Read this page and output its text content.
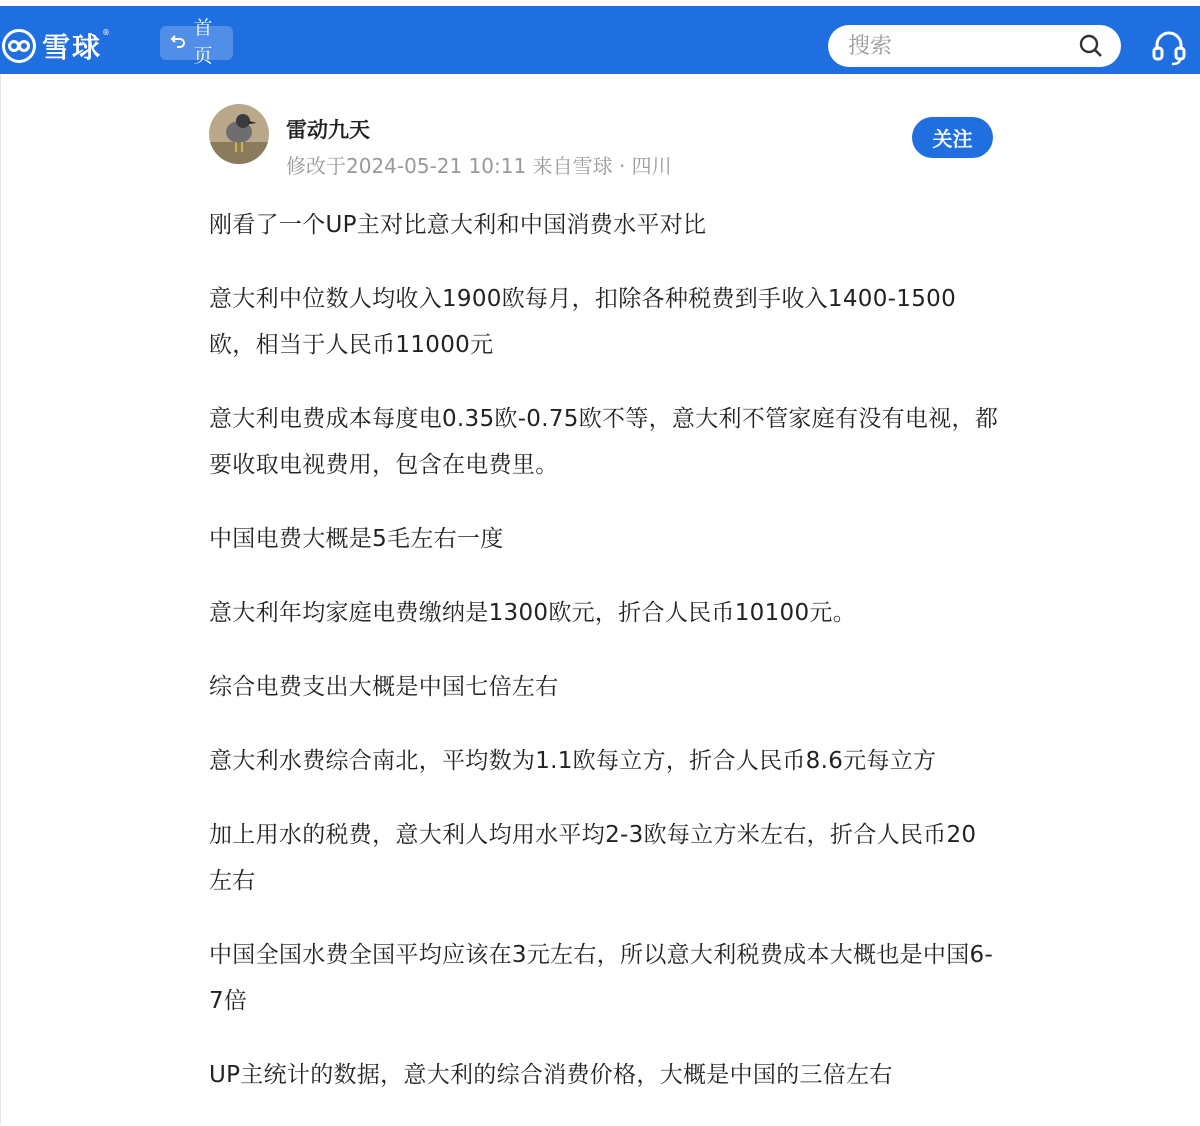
雪球 ®	首页
搜索
雷动九天
修改于2024-05-21 10:11 来自雪球 · 四川
关注

刚看了一个UP主对比意大利和中国消费水平对比

意大利中位数人均收入1900欧每月，扣除各种税费到手收入1400-1500欧，相当于人民币11000元

意大利电费成本每度电0.35欧-0.75欧不等，意大利不管家庭有没有电视，都要收取电视费用，包含在电费里。

中国电费大概是5毛左右一度

意大利年均家庭电费缴纳是1300欧元，折合人民币10100元。

综合电费支出大概是中国七倍左右

意大利水费综合南北，平均数为1.1欧每立方，折合人民币8.6元每立方

加上用水的税费，意大利人均用水平均2-3欧每立方米左右，折合人民币20左右

中国全国水费全国平均应该在3元左右，所以意大利税费成本大概也是中国6-7倍

UP主统计的数据，意大利的综合消费价格，大概是中国的三倍左右
